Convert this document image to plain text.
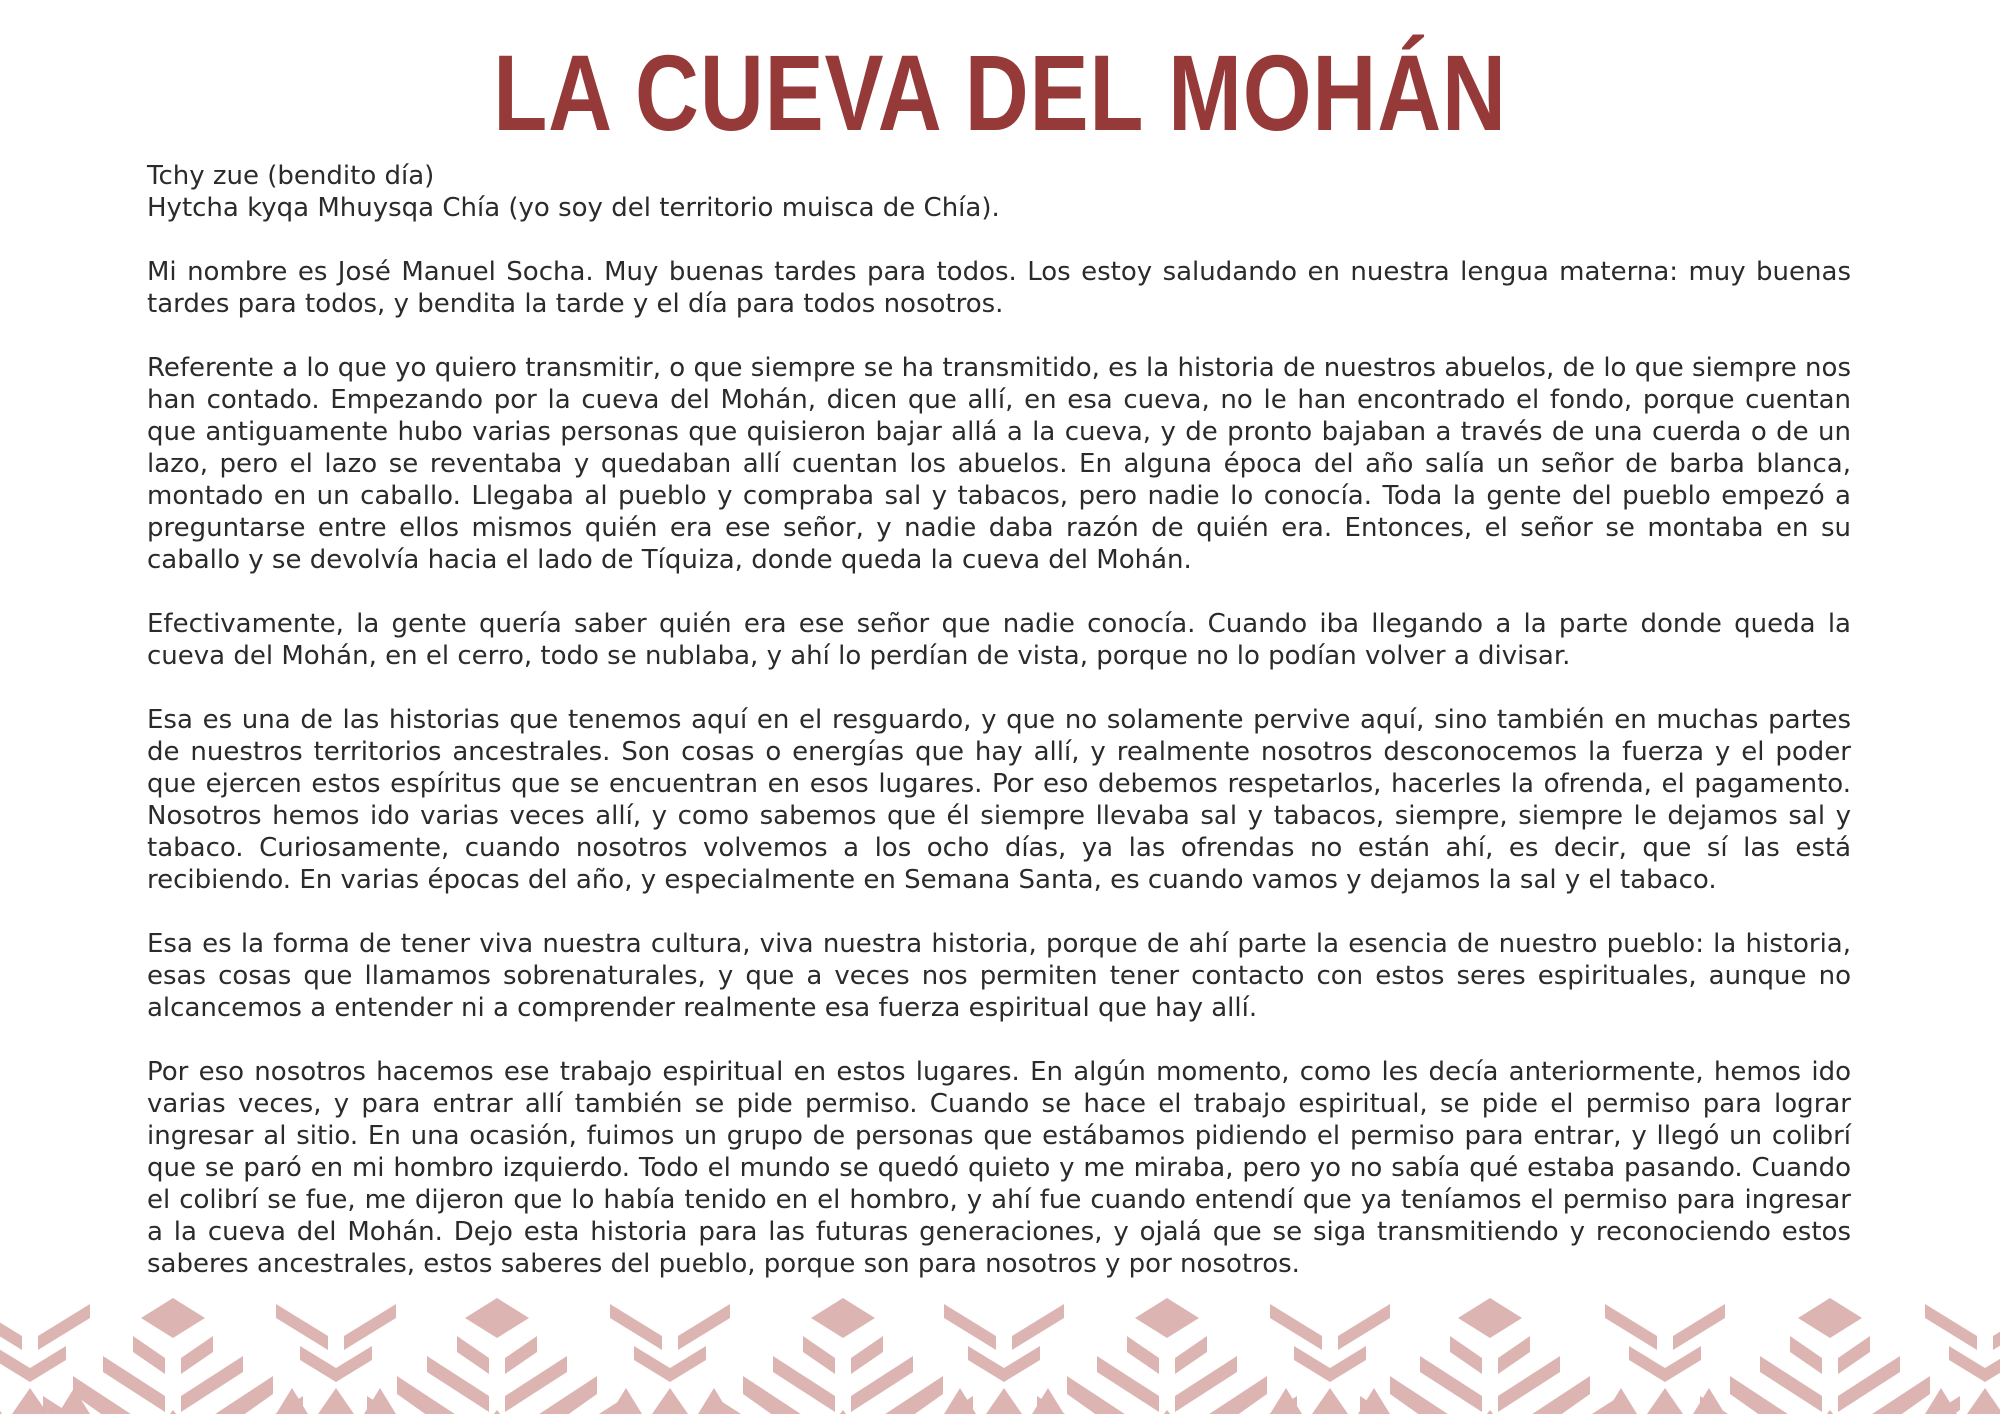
LA CUEVA DEL MOHÁN
Tchy zue (bendito día)
Hytcha kyqa Mhuysqa Chía (yo soy del territorio muisca de Chía).

Mi nombre es José Manuel Socha. Muy buenas tardes para todos. Los estoy saludando en nuestra lengua materna: muy buenas tardes para todos, y bendita la tarde y el día para todos nosotros.

Referente a lo que yo quiero transmitir, o que siempre se ha transmitido, es la historia de nuestros abuelos, de lo que siempre nos han contado. Empezando por la cueva del Mohán, dicen que allí, en esa cueva, no le han encontrado el fondo, porque cuentan que antiguamente hubo varias personas que quisieron bajar allá a la cueva, y de pronto bajaban a través de una cuerda o de un lazo, pero el lazo se reventaba y quedaban allí cuentan los abuelos. En alguna época del año salía un señor de barba blanca, montado en un caballo. Llegaba al pueblo y compraba sal y tabacos, pero nadie lo conocía. Toda la gente del pueblo empezó a preguntarse entre ellos mismos quién era ese señor, y nadie daba razón de quién era. Entonces, el señor se montaba en su caballo y se devolvía hacia el lado de Tíquiza, donde queda la cueva del Mohán.

Efectivamente, la gente quería saber quién era ese señor que nadie conocía. Cuando iba llegando a la parte donde queda la cueva del Mohán, en el cerro, todo se nublaba, y ahí lo perdían de vista, porque no lo podían volver a divisar.

Esa es una de las historias que tenemos aquí en el resguardo, y que no solamente pervive aquí, sino también en muchas partes de nuestros territorios ancestrales. Son cosas o energías que hay allí, y realmente nosotros desconocemos la fuerza y el poder que ejercen estos espíritus que se encuentran en esos lugares. Por eso debemos respetarlos, hacerles la ofrenda, el pagamento. Nosotros hemos ido varias veces allí, y como sabemos que él siempre llevaba sal y tabacos, siempre, siempre le dejamos sal y tabaco. Curiosamente, cuando nosotros volvemos a los ocho días, ya las ofrendas no están ahí, es decir, que sí las está recibiendo. En varias épocas del año, y especialmente en Semana Santa, es cuando vamos y dejamos la sal y el tabaco.

Esa es la forma de tener viva nuestra cultura, viva nuestra historia, porque de ahí parte la esencia de nuestro pueblo: la historia, esas cosas que llamamos sobrenaturales, y que a veces nos permiten tener contacto con estos seres espirituales, aunque no alcancemos a entender ni a comprender realmente esa fuerza espiritual que hay allí.

Por eso nosotros hacemos ese trabajo espiritual en estos lugares. En algún momento, como les decía anteriormente, hemos ido varias veces, y para entrar allí también se pide permiso. Cuando se hace el trabajo espiritual, se pide el permiso para lograr ingresar al sitio. En una ocasión, fuimos un grupo de personas que estábamos pidiendo el permiso para entrar, y llegó un colibrí que se paró en mi hombro izquierdo. Todo el mundo se quedó quieto y me miraba, pero yo no sabía qué estaba pasando. Cuando el colibrí se fue, me dijeron que lo había tenido en el hombro, y ahí fue cuando entendí que ya teníamos el permiso para ingresar a la cueva del Mohán. Dejo esta historia para las futuras generaciones, y ojalá que se siga transmitiendo y reconociendo estos saberes ancestrales, estos saberes del pueblo, porque son para nosotros y por nosotros.
